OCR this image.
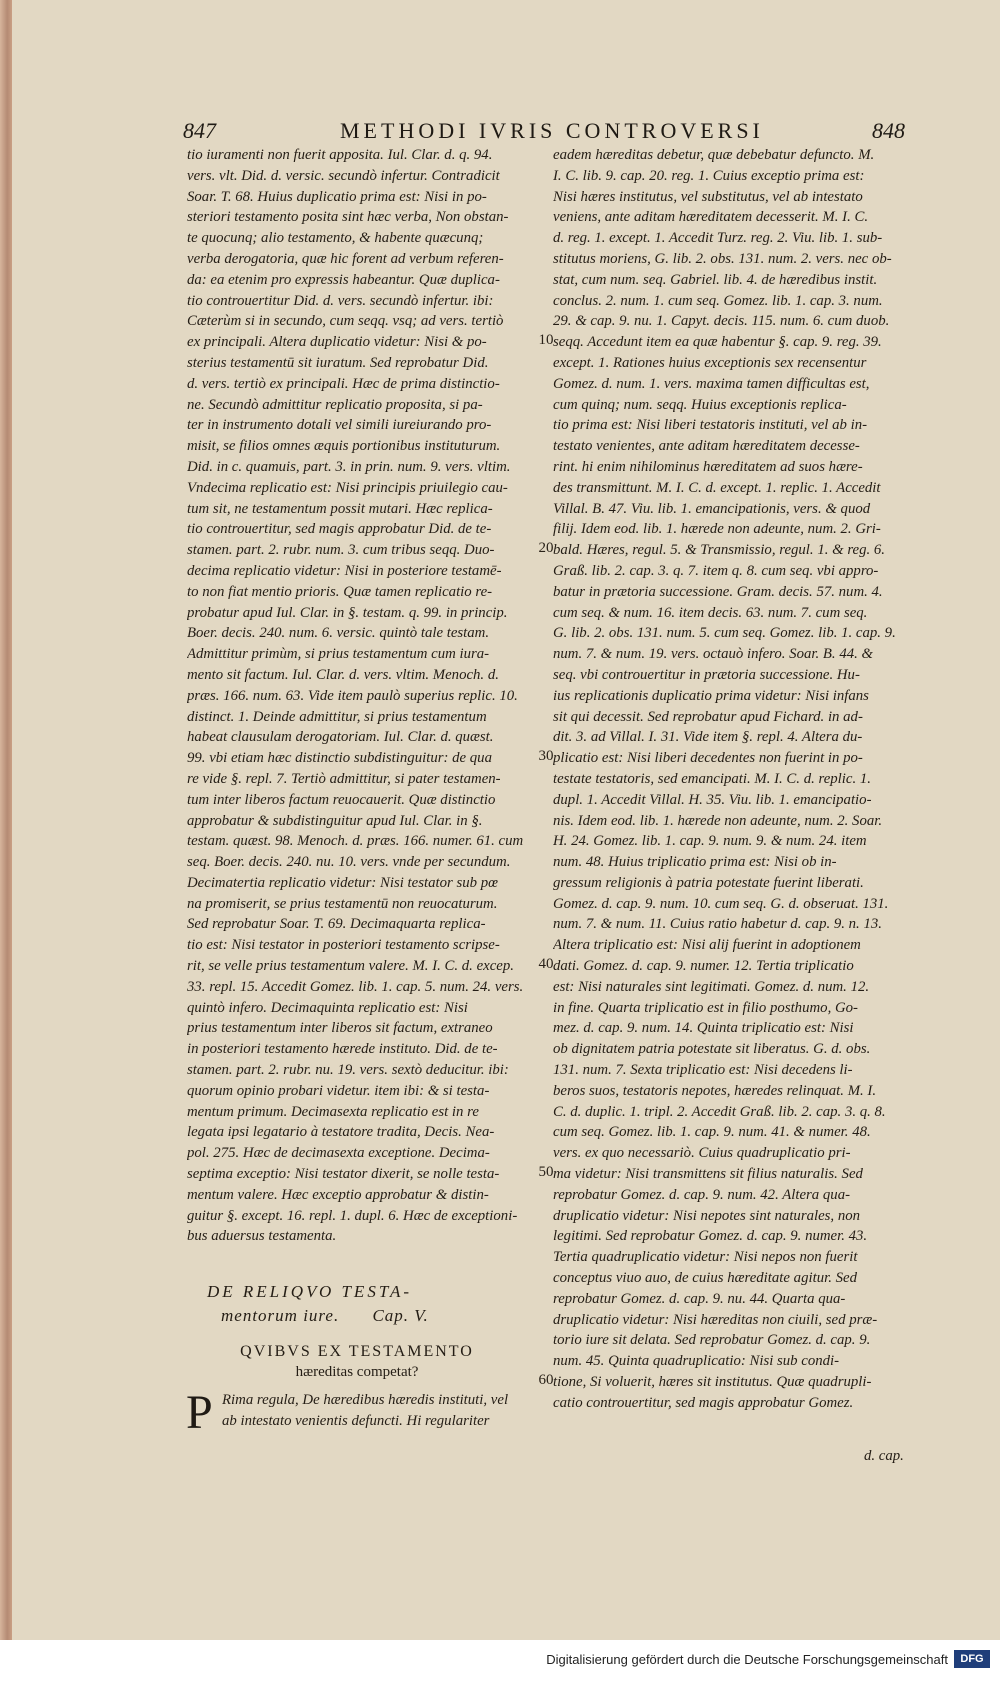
847	METHODI IVRIS CONTROVERSI	848
tio iuramenti non fuerit apposita. Iul. Clar. d. q. 94.
vers. vlt. Did. d. versic. secundò infertur. Contradicit
Soar. T. 68. Huius duplicatio prima est: Nisi in po-
steriori testamento posita sint hæc verba, Non obstan-
te quocunq; alio testamento, & habente quæcunq;
verba derogatoria, quæ hic forent ad verbum referen-
da: ea etenim pro expressis habeantur. Quæ duplica-
tio controuertitur Did. d. vers. secundò infertur. ibi:
Cæterùm si in secundo, cum seqq. vsq; ad vers. tertiò
ex principali. Altera duplicatio videtur: Nisi & po-
sterius testamentū sit iuratum. Sed reprobatur Did.
d. vers. tertiò ex principali. Hæc de prima distinctio-
ne. Secundò admittitur replicatio proposita, si pa-
ter in instrumento dotali vel simili iureiurando pro-
misit, se filios omnes æquis portionibus instituturum.
Did. in c. quamuis, part. 3. in prin. num. 9. vers. vltim.
Vndecima replicatio est: Nisi principis priuilegio cau-
tum sit, ne testamentum possit mutari. Hæc replica-
tio controuertitur, sed magis approbatur Did. de te-
stamen. part. 2. rubr. num. 3. cum tribus seqq. Duo-
decima replicatio videtur: Nisi in posteriore testamē-
to non fiat mentio prioris. Quæ tamen replicatio re-
probatur apud Iul. Clar. in §. testam. q. 99. in princip.
Boer. decis. 240. num. 6. versic. quintò tale testam.
Admittitur primùm, si prius testamentum cum iura-
mento sit factum. Iul. Clar. d. vers. vltim. Menoch. d.
præs. 166. num. 63. Vide item paulò superius replic. 10.
distinct. 1. Deinde admittitur, si prius testamentum
habeat clausulam derogatoriam. Iul. Clar. d. quæst.
99. vbi etiam hæc distinctio subdistinguitur: de qua
re vide §. repl. 7. Tertiò admittitur, si pater testamen-
tum inter liberos factum reuocauerit. Quæ distinctio
approbatur & subdistinguitur apud Iul. Clar. in §.
testam. quæst. 98. Menoch. d. præs. 166. numer. 61. cum
seq. Boer. decis. 240. nu. 10. vers. vnde per secundum.
Decimatertia replicatio videtur: Nisi testator sub pœ
na promiserit, se prius testamentū non reuocaturum.
Sed reprobatur Soar. T. 69. Decimaquarta replica-
tio est: Nisi testator in posteriori testamento scripse-
rit, se velle prius testamentum valere. M. I. C. d. excep.
33. repl. 15. Accedit Gomez. lib. 1. cap. 5. num. 24. vers.
quintò infero. Decimaquinta replicatio est: Nisi
prius testamentum inter liberos sit factum, extraneo
in posteriori testamento hærede instituto. Did. de te-
stamen. part. 2. rubr. nu. 19. vers. sextò deducitur. ibi:
quorum opinio probari videtur. item ibi: & si testa-
mentum primum. Decimasexta replicatio est in re
legata ipsi legatario à testatore tradita, Decis. Nea-
pol. 275. Hæc de decimasexta exceptione. Decima-
septima exceptio: Nisi testator dixerit, se nolle testa-
mentum valere. Hæc exceptio approbatur & distin-
guitur §. except. 16. repl. 1. dupl. 6. Hæc de exceptioni-
bus aduersus testamenta.
10
20
30
40
50
60
eadem hæreditas debetur, quæ debebatur defuncto. M.
I. C. lib. 9. cap. 20. reg. 1. Cuius exceptio prima est:
Nisi hæres institutus, vel substitutus, vel ab intestato
veniens, ante aditam hæreditatem decesserit. M. I. C.
d. reg. 1. except. 1. Accedit Turz. reg. 2. Viu. lib. 1. sub-
stitutus moriens, G. lib. 2. obs. 131. num. 2. vers. nec ob-
stat, cum num. seq. Gabriel. lib. 4. de hæredibus instit.
conclus. 2. num. 1. cum seq. Gomez. lib. 1. cap. 3. num.
29. & cap. 9. nu. 1. Capyt. decis. 115. num. 6. cum duob.
seqq. Accedunt item ea quæ habentur §. cap. 9. reg. 39.
except. 1. Rationes huius exceptionis sex recensentur
Gomez. d. num. 1. vers. maxima tamen difficultas est,
cum quinq; num. seqq. Huius exceptionis replica-
tio prima est: Nisi liberi testatoris instituti, vel ab in-
testato venientes, ante aditam hæreditatem decesse-
rint. hi enim nihilominus hæreditatem ad suos hære-
des transmittunt. M. I. C. d. except. 1. replic. 1. Accedit
Villal. B. 47. Viu. lib. 1. emancipationis, vers. & quod
filij. Idem eod. lib. 1. hærede non adeunte, num. 2. Gri-
bald. Hæres, regul. 5. & Transmissio, regul. 1. & reg. 6.
Graß. lib. 2. cap. 3. q. 7. item q. 8. cum seq. vbi appro-
batur in prætoria successione. Gram. decis. 57. num. 4.
cum seq. & num. 16. item decis. 63. num. 7. cum seq.
G. lib. 2. obs. 131. num. 5. cum seq. Gomez. lib. 1. cap. 9.
num. 7. & num. 19. vers. octauò infero. Soar. B. 44. &
seq. vbi controuertitur in prætoria successione. Hu-
ius replicationis duplicatio prima videtur: Nisi infans
sit qui decessit. Sed reprobatur apud Fichard. in ad-
dit. 3. ad Villal. I. 31. Vide item §. repl. 4. Altera du-
plicatio est: Nisi liberi decedentes non fuerint in po-
testate testatoris, sed emancipati. M. I. C. d. replic. 1.
dupl. 1. Accedit Villal. H. 35. Viu. lib. 1. emancipatio-
nis. Idem eod. lib. 1. hærede non adeunte, num. 2. Soar.
H. 24. Gomez. lib. 1. cap. 9. num. 9. & num. 24. item
num. 48. Huius triplicatio prima est: Nisi ob in-
gressum religionis à patria potestate fuerint liberati.
Gomez. d. cap. 9. num. 10. cum seq. G. d. obseruat. 131.
num. 7. & num. 11. Cuius ratio habetur d. cap. 9. n. 13.
Altera triplicatio est: Nisi alij fuerint in adoptionem
dati. Gomez. d. cap. 9. numer. 12. Tertia triplicatio
est: Nisi naturales sint legitimati. Gomez. d. num. 12.
in fine. Quarta triplicatio est in filio posthumo, Go-
mez. d. cap. 9. num. 14. Quinta triplicatio est: Nisi
ob dignitatem patria potestate sit liberatus. G. d. obs.
131. num. 7. Sexta triplicatio est: Nisi decedens li-
beros suos, testatoris nepotes, hæredes relinquat. M. I.
C. d. duplic. 1. tripl. 2. Accedit Graß. lib. 2. cap. 3. q. 8.
cum seq. Gomez. lib. 1. cap. 9. num. 41. & numer. 48.
vers. ex quo necessariò. Cuius quadruplicatio pri-
ma videtur: Nisi transmittens sit filius naturalis. Sed
reprobatur Gomez. d. cap. 9. num. 42. Altera qua-
druplicatio videtur: Nisi nepotes sint naturales, non
legitimi. Sed reprobatur Gomez. d. cap. 9. numer. 43.
Tertia quadruplicatio videtur: Nisi nepos non fuerit
conceptus viuo auo, de cuius hæreditate agitur. Sed
reprobatur Gomez. d. cap. 9. nu. 44. Quarta qua-
druplicatio videtur: Nisi hæreditas non ciuili, sed præ-
torio iure sit delata. Sed reprobatur Gomez. d. cap. 9.
num. 45. Quinta quadruplicatio: Nisi sub condi-
tione, Si voluerit, hæres sit institutus. Quæ quadrupli-
catio controuertitur, sed magis approbatur Gomez.
DE RELIQVO TESTA-
mentorum iure. Cap. V.
QVIBVS EX TESTAMENTO
hæreditas competat?
P Rima regula, De hæredibus hæredis instituti, vel
ab intestato venientis defuncti. Hi regulariter
d. cap.
Digitalisierung gefördert durch die Deutsche Forschungsgemeinschaft	DFG
